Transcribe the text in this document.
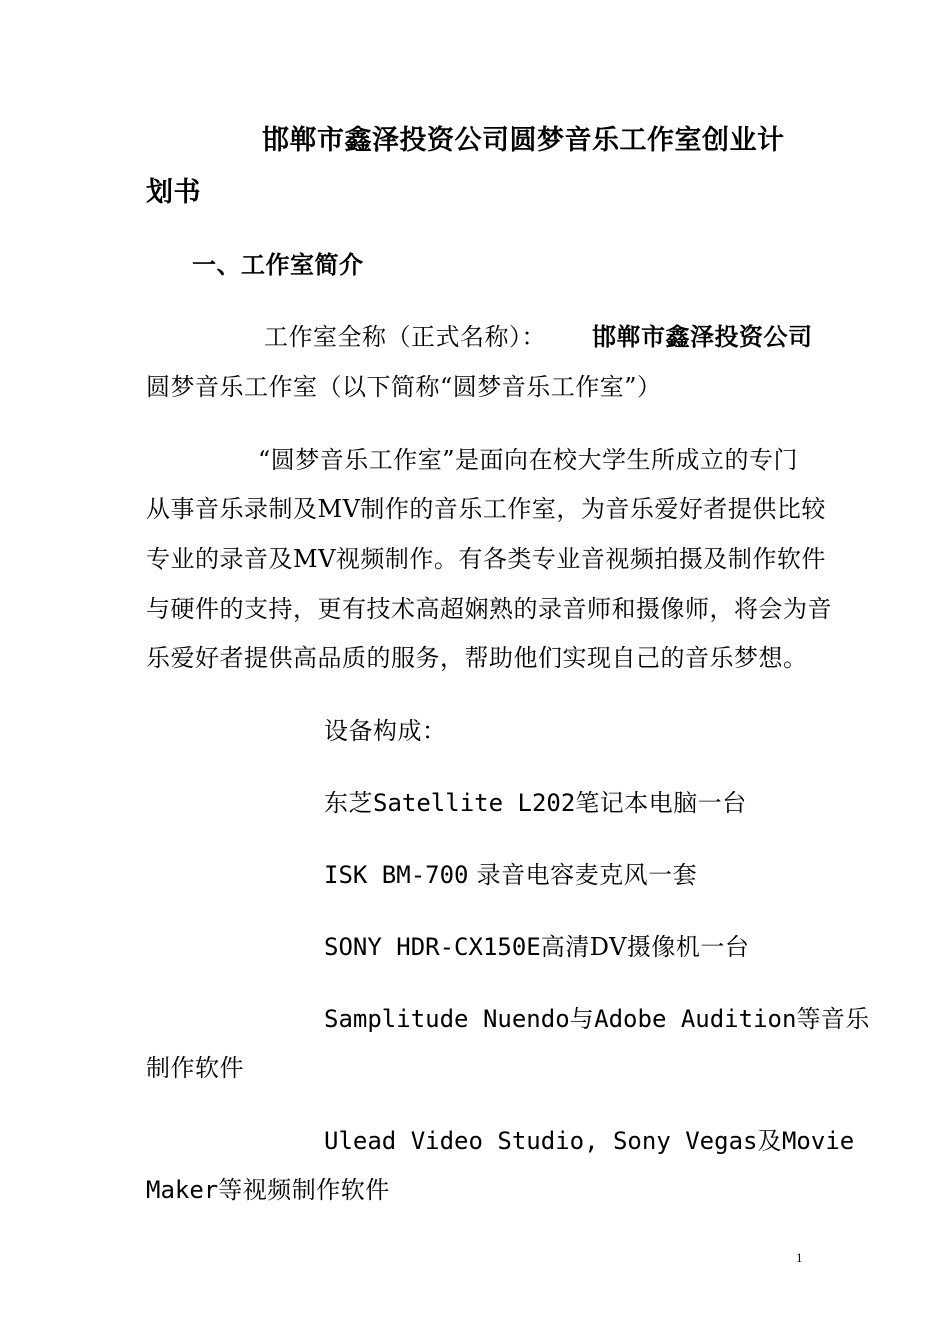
邯郸市鑫泽投资公司圆梦音乐工作室创业计
划书
一、工作室简介
工作室全称（正式名称）： 邯郸市鑫泽投资公司
圆梦音乐工作室（以下简称“圆梦音乐工作室”）
“圆梦音乐工作室”是面向在校大学生所成立的专门
从事音乐录制及MV制作的音乐工作室，为音乐爱好者提供比较
专业的录音及MV视频制作。有各类专业音视频拍摄及制作软件
与硬件的支持，更有技术高超娴熟的录音师和摄像师，将会为音
乐爱好者提供高品质的服务，帮助他们实现自己的音乐梦想。
设备构成：
东芝Satellite L202笔记本电脑一台
ISK BM-700 录音电容麦克风一套
SONY HDR-CX150E高清DV摄像机一台
Samplitude Nuendo与Adobe Audition等音乐
制作软件
Ulead Video Studio, Sony Vegas及Movie
Maker等视频制作软件
1
